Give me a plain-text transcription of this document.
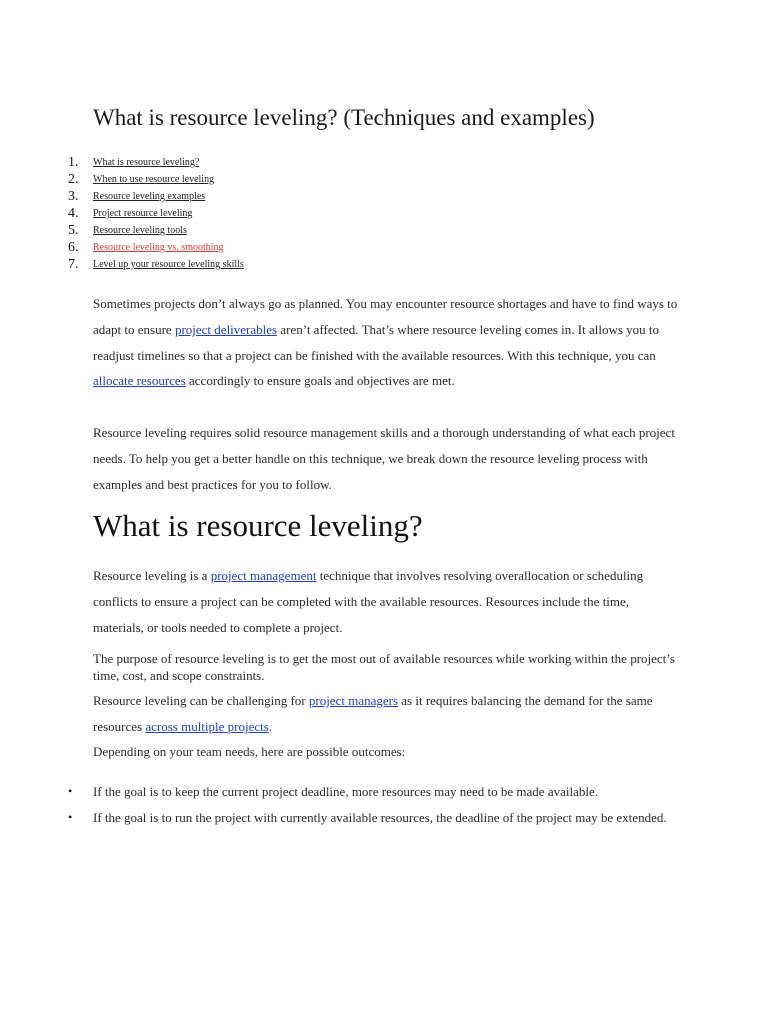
What is resource leveling? (Techniques and examples)
1.	What is resource leveling?
2.	When to use resource leveling
3.	Resource leveling examples
4.	Project resource leveling
5.	Resource leveling tools
6.	Resource leveling vs. smoothing
7.	Level up your resource leveling skills

Sometimes projects don’t always go as planned. You may encounter resource shortages and have to find ways to adapt to ensure project deliverables aren’t affected. That’s where resource leveling comes in. It allows you to readjust timelines so that a project can be finished with the available resources. With this technique, you can allocate resources accordingly to ensure goals and objectives are met.

Resource leveling requires solid resource management skills and a thorough understanding of what each project needs. To help you get a better handle on this technique, we break down the resource leveling process with examples and best practices for you to follow.

What is resource leveling?

Resource leveling is a project management technique that involves resolving overallocation or scheduling conflicts to ensure a project can be completed with the available resources. Resources include the time, materials, or tools needed to complete a project.

The purpose of resource leveling is to get the most out of available resources while working within the project’s time, cost, and scope constraints.

Resource leveling can be challenging for project managers as it requires balancing the demand for the same resources across multiple projects.

Depending on your team needs, here are possible outcomes:

• If the goal is to keep the current project deadline, more resources may need to be made available.
• If the goal is to run the project with currently available resources, the deadline of the project may be extended.
